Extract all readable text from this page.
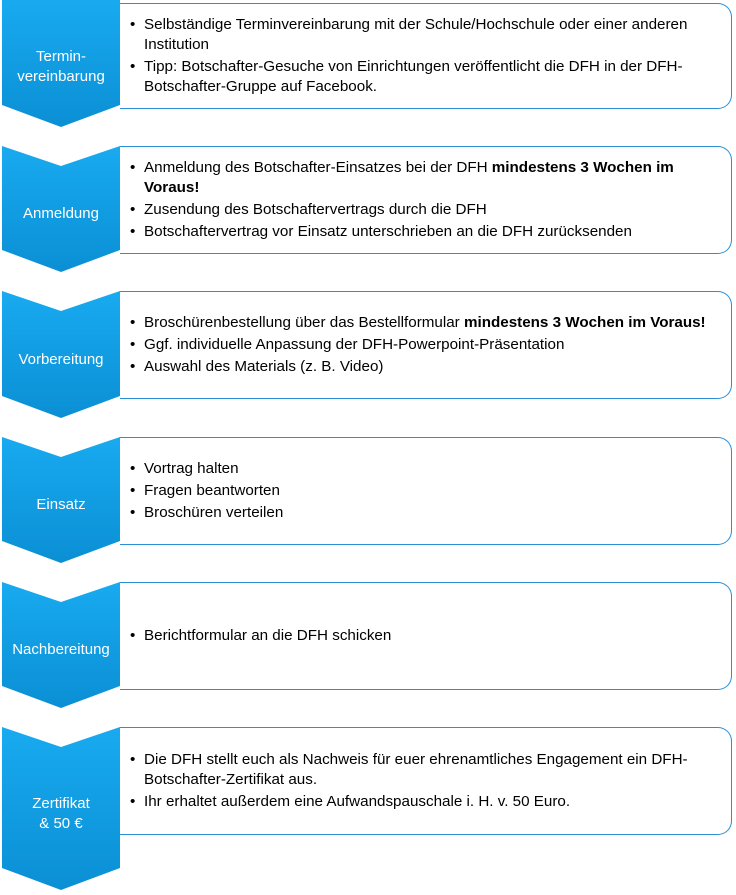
Termin-
vereinbarung
• Selbständige Terminvereinbarung mit der Schule/Hochschule oder einer anderen Institution
• Tipp: Botschafter-Gesuche von Einrichtungen veröffentlicht die DFH in der DFH-Botschafter-Gruppe auf Facebook.
Anmeldung
• Anmeldung des Botschafter-Einsatzes bei der DFH mindestens 3 Wochen im Voraus!
• Zusendung des Botschaftervertrags durch die DFH
• Botschaftervertrag vor Einsatz unterschrieben an die DFH zurücksenden
Vorbereitung
• Broschürenbestellung über das Bestellformular mindestens 3 Wochen im Voraus!
• Ggf. individuelle Anpassung der DFH-Powerpoint-Präsentation
• Auswahl des Materials (z. B. Video)
Einsatz
• Vortrag halten
• Fragen beantworten
• Broschüren verteilen
Nachbereitung
• Berichtformular an die DFH schicken
Zertifikat
& 50 €
• Die DFH stellt euch als Nachweis für euer ehrenamtliches Engagement ein DFH-Botschafter-Zertifikat aus.
• Ihr erhaltet außerdem eine Aufwandspauschale i. H. v. 50 Euro.
